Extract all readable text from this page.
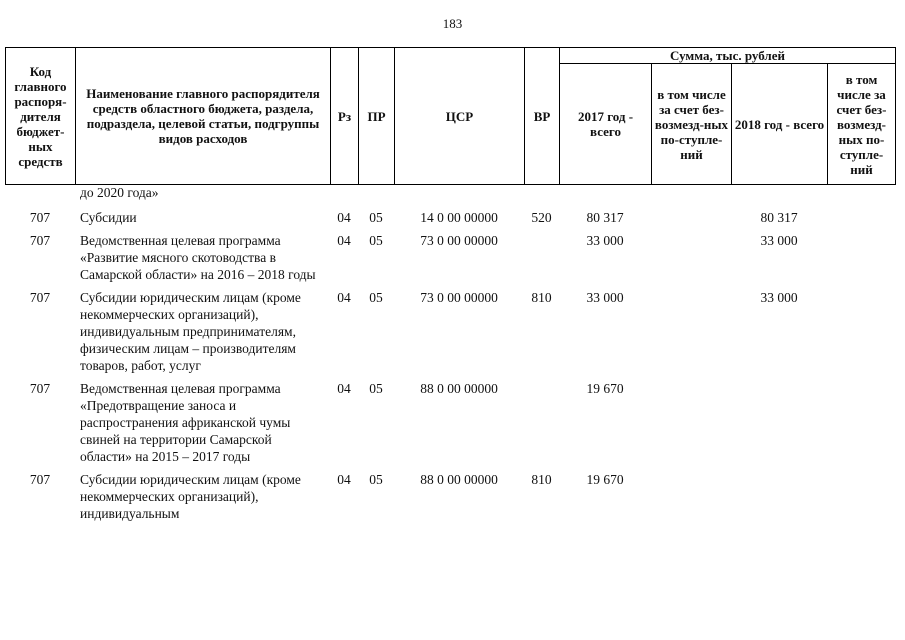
183
Код главного распоря-дителя бюджет-ных средств	Наименование главного распорядителя средств областного бюджета, раздела, подраздела, целевой статьи, подгруппы видов расходов	Рз	ПР	ЦСР	ВР	Сумма, тыс. рублей			
						2017 год - всего	в том числе за счет без-возмезд-ных по-ступле-ний	2018 год - всего	в том числе за счет без-возмезд-ных по-ступле-ний
	до 2020 года»								
707	Субсидии	04	05	14 0 00 00000	520	80 317		80 317	
707	Ведомственная целевая программа «Развитие мясного скотоводства в Самарской области» на 2016 – 2018 годы	04	05	73 0 00 00000		33 000		33 000	
707	Субсидии юридическим лицам (кроме некоммерческих организаций), индивидуальным предпринимателям, физическим лицам – производителям товаров, работ, услуг	04	05	73 0 00 00000	810	33 000		33 000	
707	Ведомственная целевая программа «Предотвращение заноса и распространения африканской чумы свиней на территории Самарской области» на 2015 – 2017 годы	04	05	88 0 00 00000		19 670			
707	Субсидии юридическим лицам (кроме некоммерческих организаций), индивидуальным	04	05	88 0 00 00000	810	19 670			
